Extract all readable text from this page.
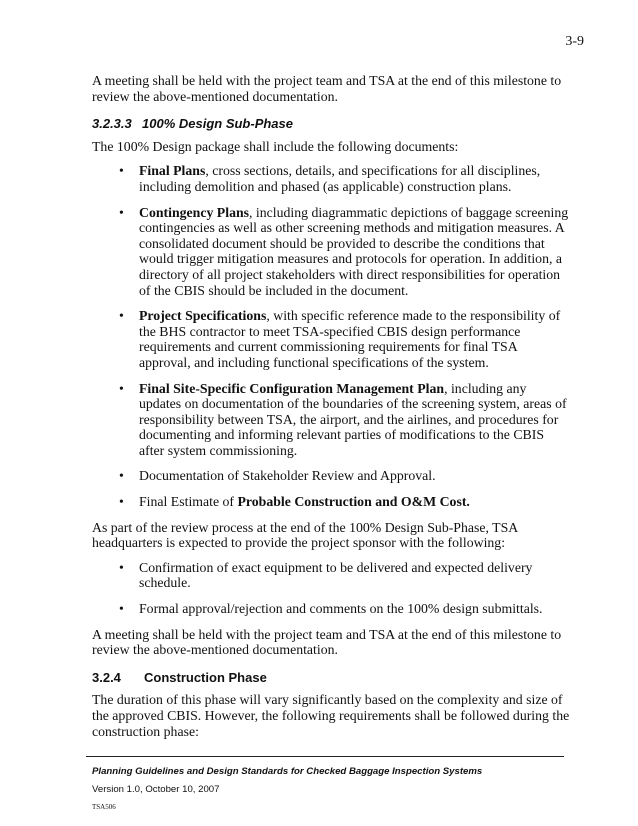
3-9

A meeting shall be held with the project team and TSA at the end of this milestone to review the above-mentioned documentation.

3.2.3.3 100% Design Sub-Phase

The 100% Design package shall include the following documents:

• Final Plans, cross sections, details, and specifications for all disciplines, including demolition and phased (as applicable) construction plans.
• Contingency Plans, including diagrammatic depictions of baggage screening contingencies as well as other screening methods and mitigation measures. A consolidated document should be provided to describe the conditions that would trigger mitigation measures and protocols for operation. In addition, a directory of all project stakeholders with direct responsibilities for operation of the CBIS should be included in the document.
• Project Specifications, with specific reference made to the responsibility of the BHS contractor to meet TSA-specified CBIS design performance requirements and current commissioning requirements for final TSA approval, and including functional specifications of the system.
• Final Site-Specific Configuration Management Plan, including any updates on documentation of the boundaries of the screening system, areas of responsibility between TSA, the airport, and the airlines, and procedures for documenting and informing relevant parties of modifications to the CBIS after system commissioning.
• Documentation of Stakeholder Review and Approval.
• Final Estimate of Probable Construction and O&M Cost.

As part of the review process at the end of the 100% Design Sub-Phase, TSA headquarters is expected to provide the project sponsor with the following:

• Confirmation of exact equipment to be delivered and expected delivery schedule.
• Formal approval/rejection and comments on the 100% design submittals.

A meeting shall be held with the project team and TSA at the end of this milestone to review the above-mentioned documentation.

3.2.4	Construction Phase

The duration of this phase will vary significantly based on the complexity and size of the approved CBIS. However, the following requirements shall be followed during the construction phase:

Planning Guidelines and Design Standards for Checked Baggage Inspection Systems
Version 1.0, October 10, 2007
TSA506
